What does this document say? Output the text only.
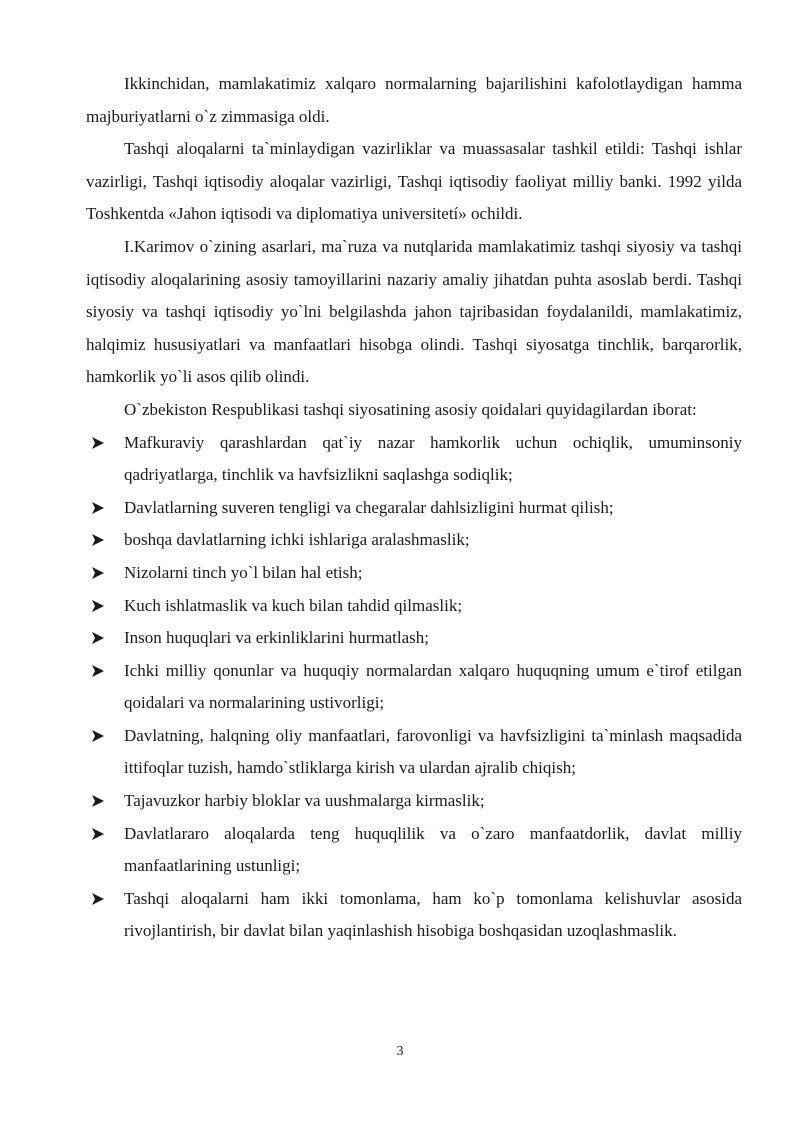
Ikkinchidan, mamlakatimiz xalqaro normalarning bajarilishini kafolotlaydigan hamma majburiyatlarni o`z zimmasiga oldi.

Tashqi aloqalarni ta`minlaydigan vazirliklar va muassasalar tashkil etildi: Tashqi ishlar vazirligi, Tashqi iqtisodiy aloqalar vazirligi, Tashqi iqtisodiy faoliyat milliy banki. 1992 yilda Toshkentda «Jahon iqtisodi va diplomatiya universitetí» ochildi.

I.Karimov o`zining asarlari, ma`ruza va nutqlarida mamlakatimiz tashqi siyosiy va tashqi iqtisodiy aloqalarining asosiy tamoyillarini nazariy amaliy jihatdan puhta asoslab berdi. Tashqi siyosiy va tashqi iqtisodiy yo`lni belgilashda jahon tajribasidan foydalanildi, mamlakatimiz, halqimiz hususiyatlari va manfaatlari hisobga olindi. Tashqi siyosatga tinchlik, barqarorlik, hamkorlik yo`li asos qilib olindi.

O`zbekiston Respublikasi tashqi siyosatining asosiy qoidalari quyidagilardan iborat:

Mafkuraviy qarashlardan qat`iy nazar hamkorlik uchun ochiqlik, umuminsoniy qadriyatlarga, tinchlik va havfsizlikni saqlashga sodiqlik;
Davlatlarning suveren tengligi va chegaralar dahlsizligini hurmat qilish;
boshqa davlatlarning ichki ishlariga aralashmaslik;
Nizolarni tinch yo`l bilan hal etish;
Kuch ishlatmaslik va kuch bilan tahdid qilmaslik;
Inson huquqlari va erkinliklarini hurmatlash;
Ichki milliy qonunlar va huquqiy normalardan xalqaro huquqning umum e`tirof etilgan qoidalari va normalarining ustivorligi;
Davlatning, halqning oliy manfaatlari, farovonligi va havfsizligini ta`minlash maqsadida ittifoqlar tuzish, hamdo`stliklarga kirish va ulardan ajralib chiqish;
Tajavuzkor harbiy bloklar va uushmalarga kirmaslik;
Davlatlararo aloqalarda teng huquqlilik va o`zaro manfaatdorlik, davlat milliy manfaatlarining ustunligi;
Tashqi aloqalarni ham ikki tomonlama, ham ko`p tomonlama kelishuvlar asosida rivojlantirish, bir davlat bilan yaqinlashish hisobiga boshqasidan uzoqlashmaslik.
3
